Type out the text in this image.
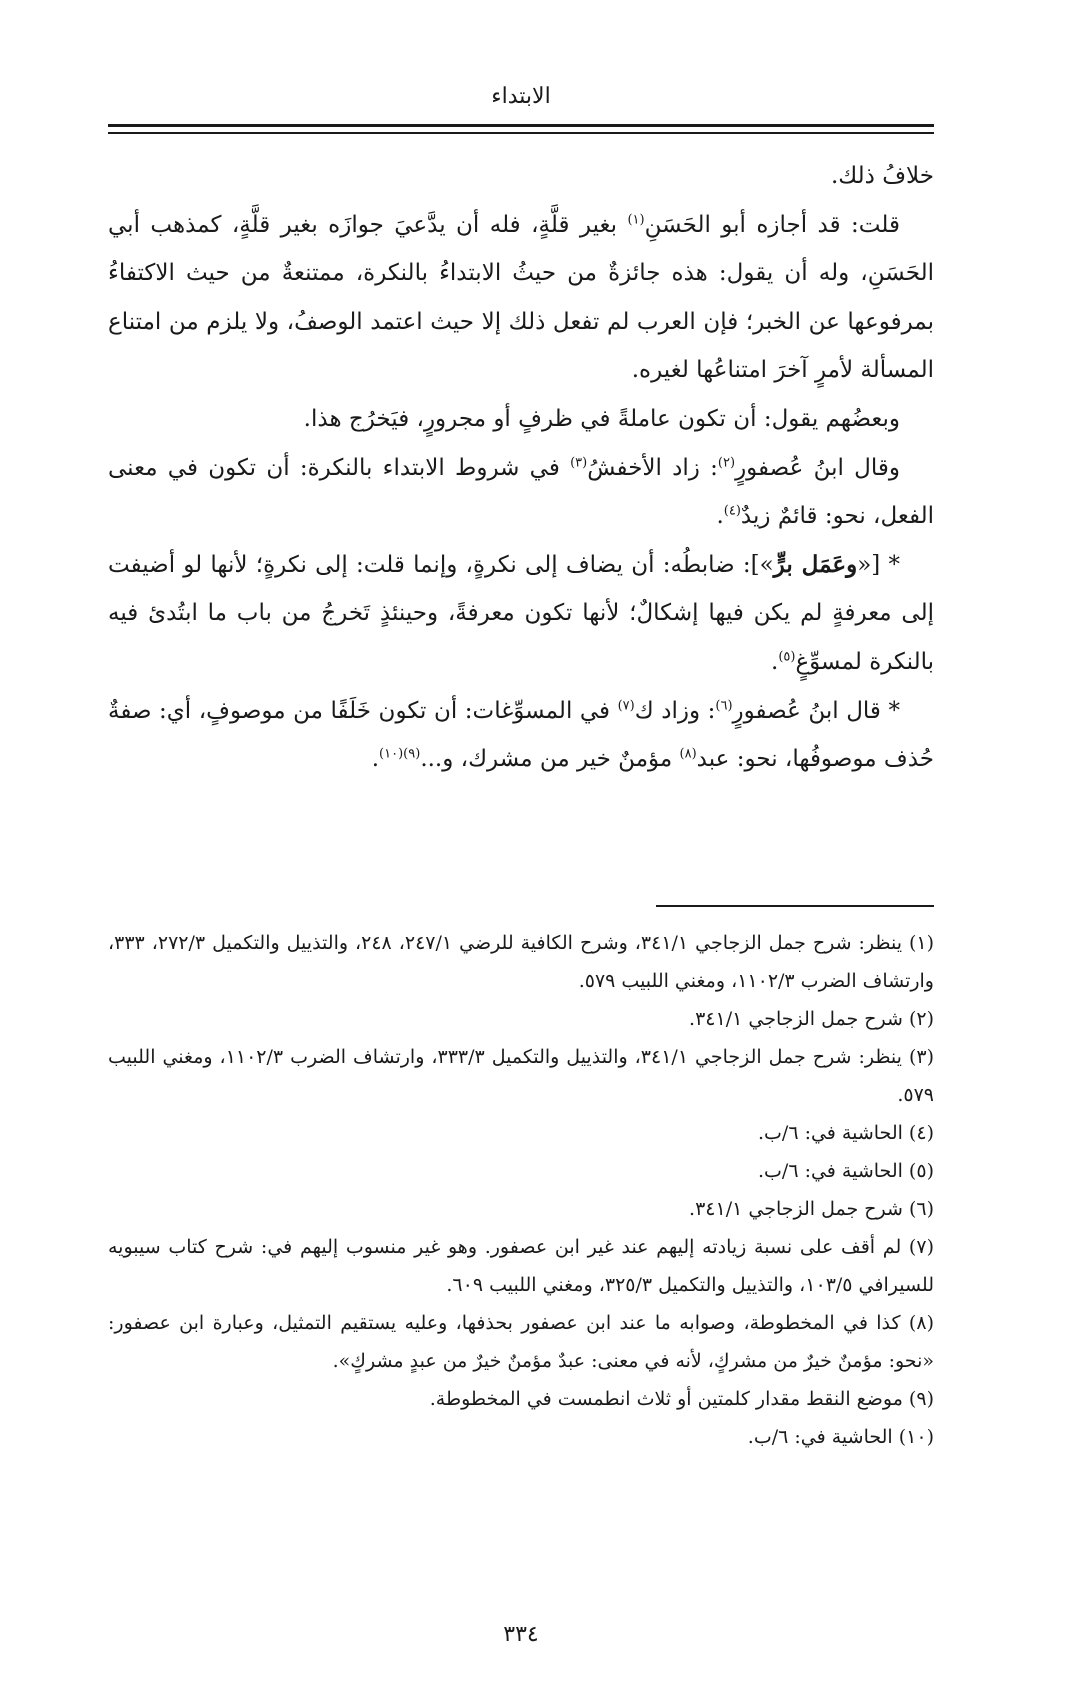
الابتداء

خلافُ ذلك.

قلت: قد أجازه أبو الحَسَنِ$^{(١)}$ بغير قلَّةٍ، فله أن يدَّعيَ جوازَه بغير قلَّةٍ، كمذهب أبي الحَسَنِ، وله أن يقول: هذه جائزةٌ من حيثُ الابتداءُ بالنكرة، ممتنعةٌ من حيث الاكتفاءُ بمرفوعها عن الخبر؛ فإن العرب لم تفعل ذلك إلا حيث اعتمد الوصفُ، ولا يلزم من امتناع المسألة لأمرٍ آخرَ امتناعُها لغيره.

وبعضُهم يقول: أن تكون عاملةً في ظرفٍ أو مجرورٍ، فيَخرُج هذا.

وقال ابنُ عُصفورٍ$^{(٢)}$: زاد الأخفشُ$^{(٣)}$ في شروط الابتداء بالنكرة: أن تكون في معنى الفعل، نحو: قائمٌ زيدٌ$^{(٤)}$.

* [«وعَمَل برٍّ»]: ضابطُه: أن يضاف إلى نكرةٍ، وإنما قلت: إلى نكرةٍ؛ لأنها لو أضيفت إلى معرفةٍ لم يكن فيها إشكالٌ؛ لأنها تكون معرفةً، وحينئذٍ تَخرجُ من باب ما ابتُدئ فيه بالنكرة لمسوِّغٍ$^{(٥)}$.

* قال ابنُ عُصفورٍ$^{(٦)}$: وزاد ك$^{(٧)}$ في المسوِّغات: أن تكون خَلَفًا من موصوفٍ، أي: صفةٌ حُذف موصوفُها، نحو: عبد$^{(٨)}$ مؤمنٌ خير من مشرك، و...$^{(٩)(١٠)}$.

(١) ينظر: شرح جمل الزجاجي ٣٤١/١، وشرح الكافية للرضي ٢٤٧/١، ٢٤٨، والتذييل والتكميل ٢٧٢/٣، ٣٣٣، وارتشاف الضرب ١١٠٢/٣، ومغني اللبيب ٥٧٩.

(٢) شرح جمل الزجاجي ٣٤١/١.

(٣) ينظر: شرح جمل الزجاجي ٣٤١/١، والتذييل والتكميل ٣٣٣/٣، وارتشاف الضرب ١١٠٢/٣، ومغني اللبيب ٥٧٩.

(٤) الحاشية في: ٦/ب.

(٥) الحاشية في: ٦/ب.

(٦) شرح جمل الزجاجي ٣٤١/١.

(٧) لم أقف على نسبة زيادته إليهم عند غير ابن عصفور. وهو غير منسوب إليهم في: شرح كتاب سيبويه للسيرافي ١٠٣/٥، والتذييل والتكميل ٣٢٥/٣، ومغني اللبيب ٦٠٩.

(٨) كذا في المخطوطة، وصوابه ما عند ابن عصفور بحذفها، وعليه يستقيم التمثيل، وعبارة ابن عصفور: «نحو: مؤمنٌ خيرٌ من مشركٍ، لأنه في معنى: عبدٌ مؤمنٌ خيرٌ من عبدٍ مشركٍ».

(٩) موضع النقط مقدار كلمتين أو ثلاث انطمست في المخطوطة.

(١٠) الحاشية في: ٦/ب.

٣٣٤
